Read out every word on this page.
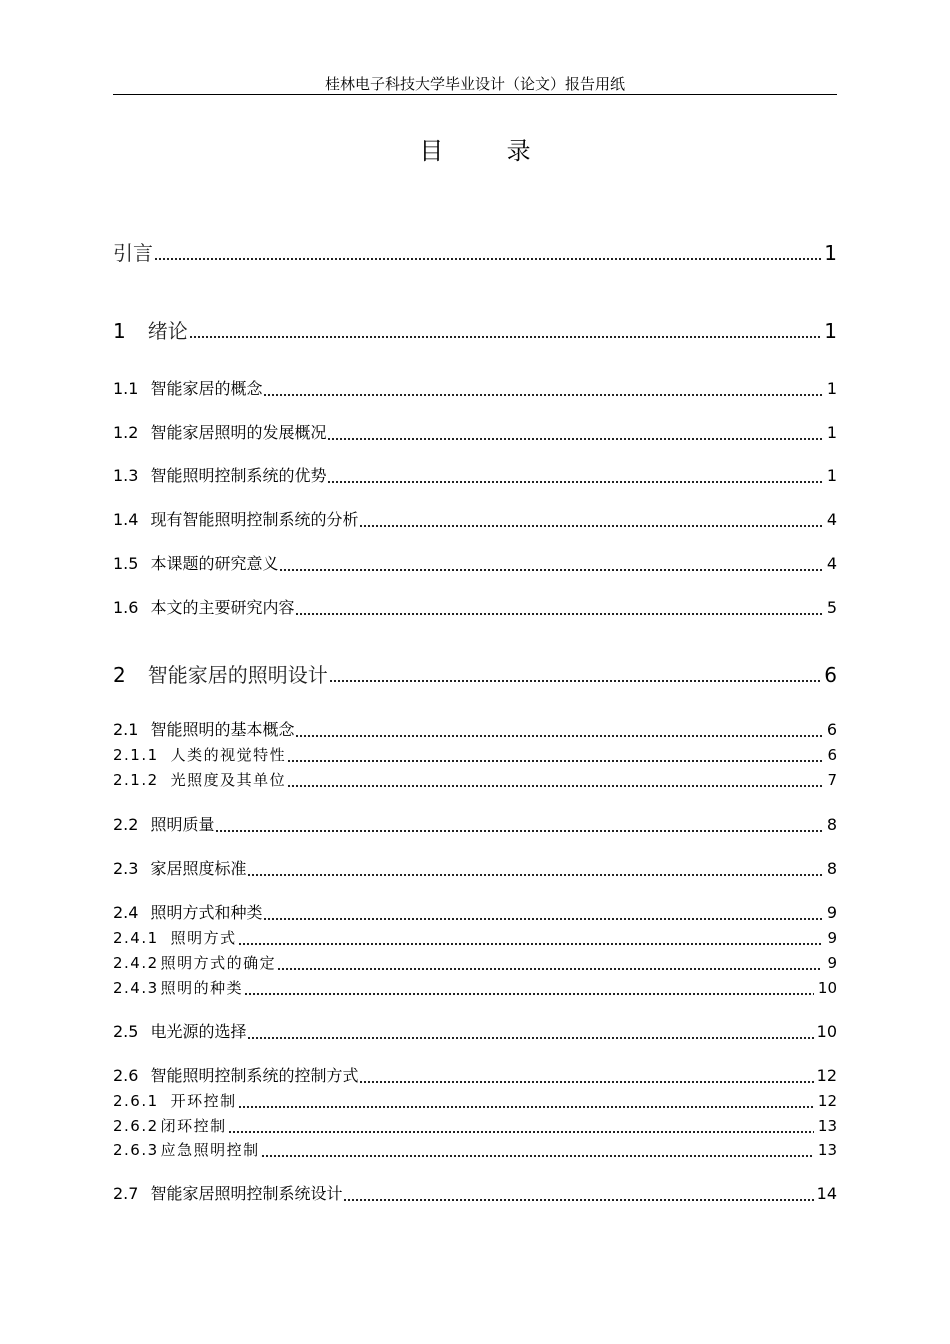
桂林电子科技大学毕业设计（论文）报告用纸
目	录
引言	1
1 绪论	1
1.1 智能家居的概念	1
1.2 智能家居照明的发展概况	1
1.3 智能照明控制系统的优势	1
1.4 现有智能照明控制系统的分析	4
1.5 本课题的研究意义	4
1.6 本文的主要研究内容	5
2 智能家居的照明设计	6
2.1 智能照明的基本概念	6
2.1.1 人类的视觉特性	6
2.1.2 光照度及其单位	7
2.2 照明质量	8
2.3 家居照度标准	8
2.4 照明方式和种类	9
2.4.1 照明方式	9
2.4.2 照明方式的确定	9
2.4.3 照明的种类	10
2.5 电光源的选择	10
2.6 智能照明控制系统的控制方式	12
2.6.1 开环控制	12
2.6.2 闭环控制	13
2.6.3 应急照明控制	13
2.7 智能家居照明控制系统设计	14
